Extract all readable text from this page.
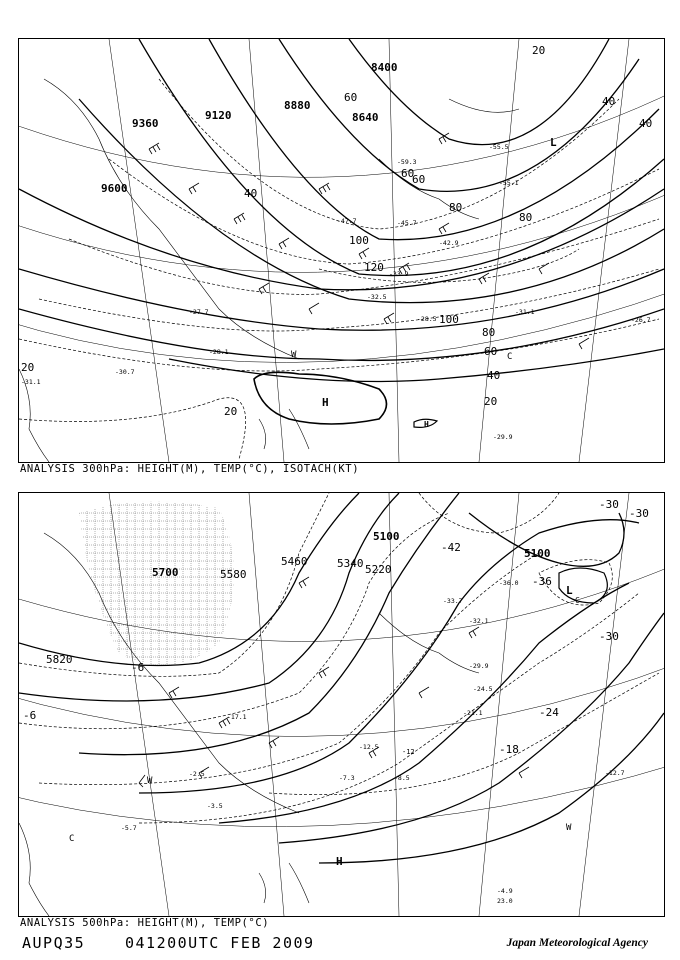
8400
8640
8880
9120
9360
9600
20
40
60
80
100
120
80
60
40
20
40
60
100
80
60
40
20
20
-27.7
-28.1
-30.7
-31.1
-28.5	-26.7
-29.9
-59.3
-55.1
-55.5
-47.7	-45.7
-42.9
-33.9
-32.5
-31.1
H
H
L
W	C
ANALYSIS 300hPa: HEIGHT(M), TEMP(°C), ISOTACH(KT)
5100
5100
5220
5340
5460
5580
5700
5820
-42
-36
-30
-30
-30
-24
-18
-12
-6
-6
-36.0
-33.7
-32.1
-29.9
-24.5
-21.1
-17.1
-12.5
-8.5
-7.3
-5.7
-3.5
-2.5
-4.9
23.0
-12.7
L
C
W
W
C
H
ANALYSIS 500hPa: HEIGHT(M), TEMP(°C)
AUPQ35	041200UTC FEB 2009	Japan Meteorological Agency
